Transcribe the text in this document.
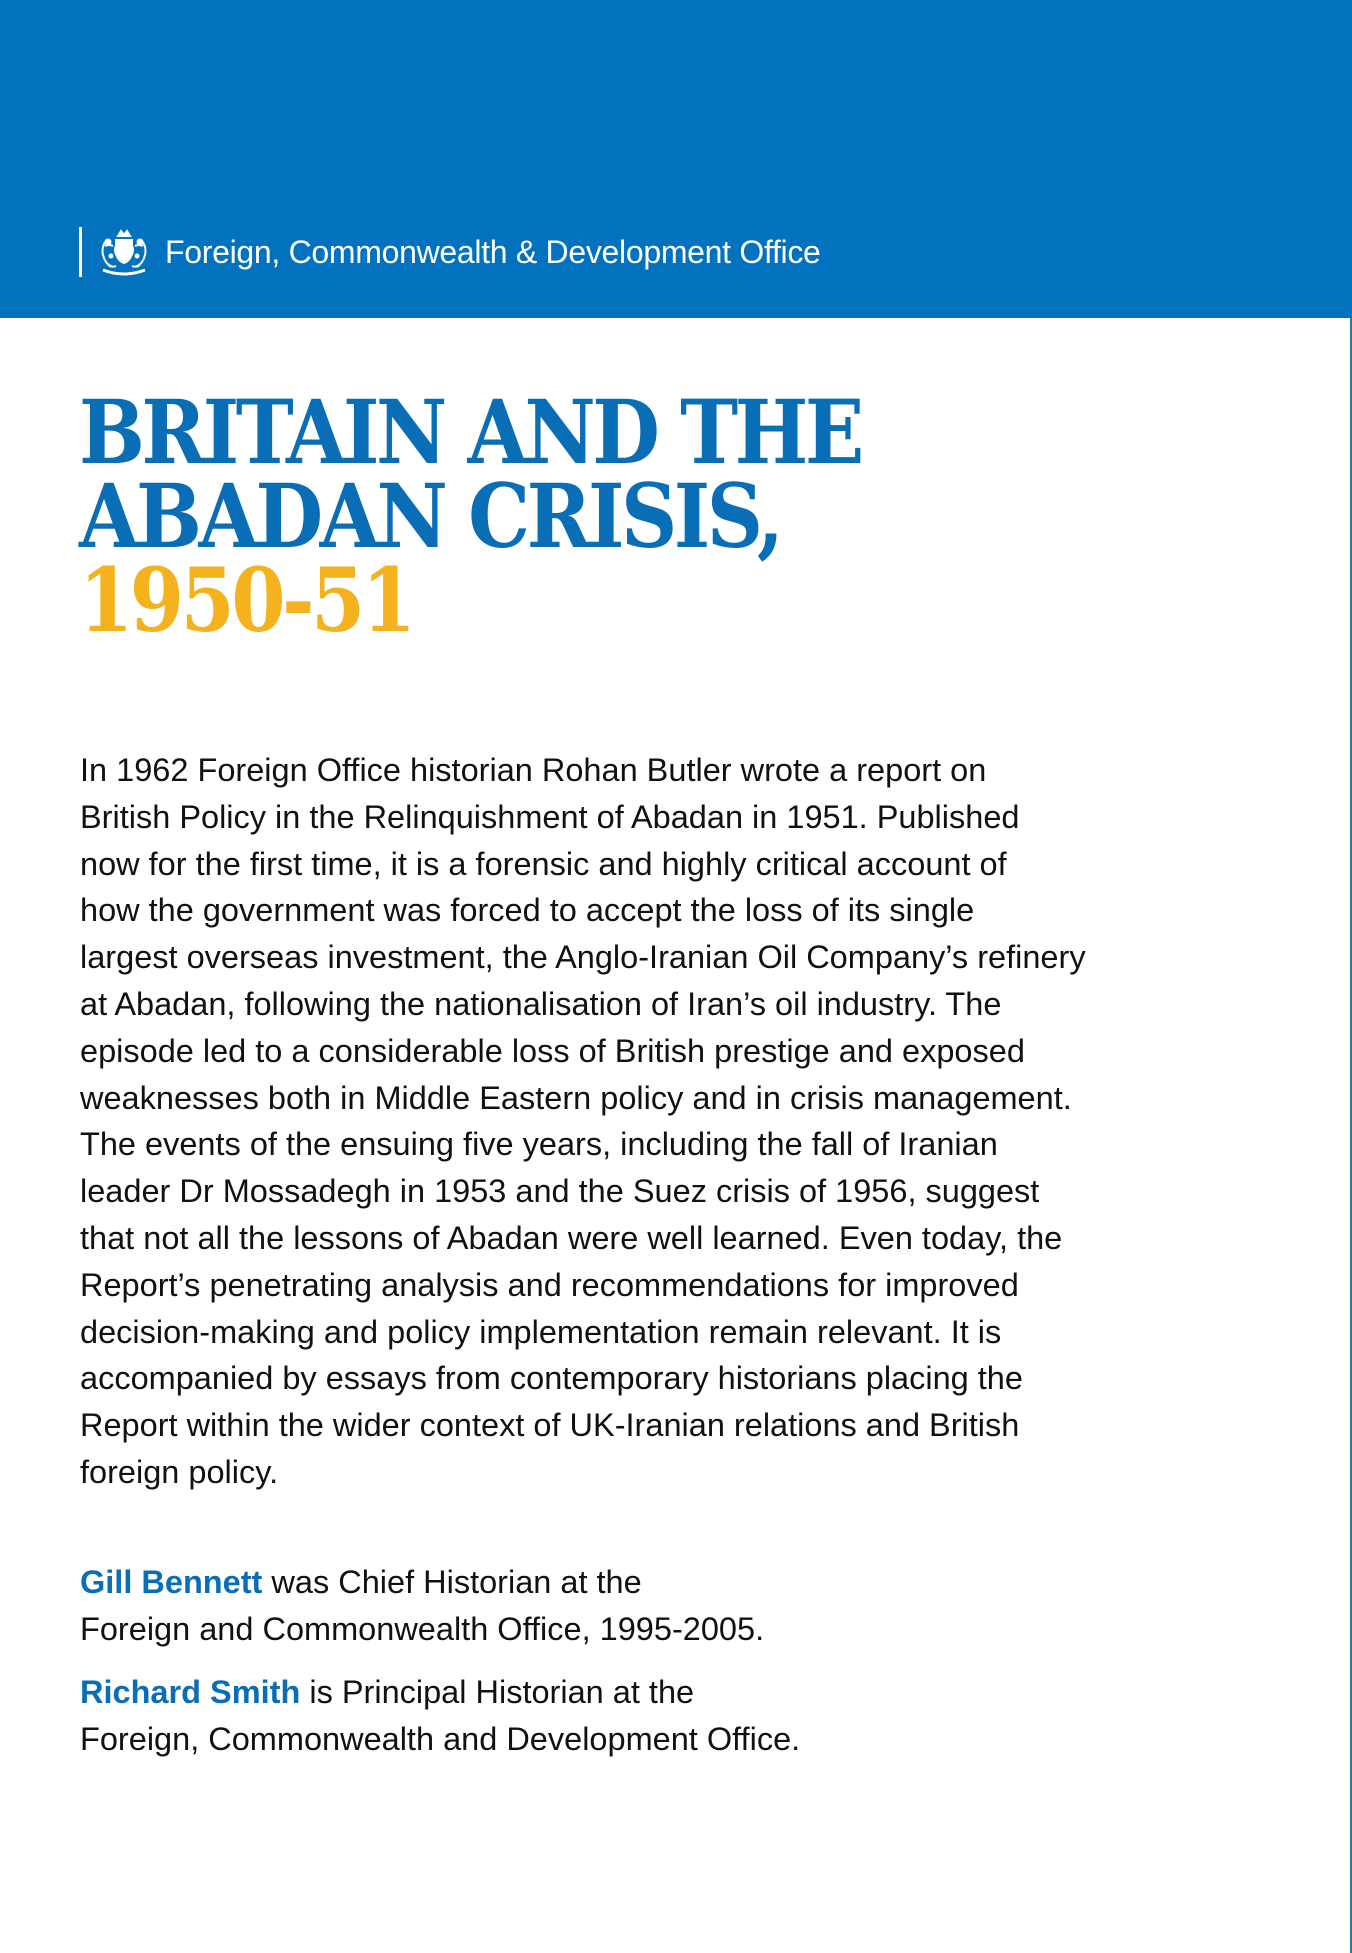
Foreign, Commonwealth & Development Office
BRITAIN AND THE
ABADAN CRISIS,
1950-51

In 1962 Foreign Office historian Rohan Butler wrote a report on
British Policy in the Relinquishment of Abadan in 1951. Published
now for the first time, it is a forensic and highly critical account of
how the government was forced to accept the loss of its single
largest overseas investment, the Anglo-Iranian Oil Company’s refinery
at Abadan, following the nationalisation of Iran’s oil industry. The
episode led to a considerable loss of British prestige and exposed
weaknesses both in Middle Eastern policy and in crisis management.
The events of the ensuing five years, including the fall of Iranian
leader Dr Mossadegh in 1953 and the Suez crisis of 1956, suggest
that not all the lessons of Abadan were well learned. Even today, the
Report’s penetrating analysis and recommendations for improved
decision-making and policy implementation remain relevant. It is
accompanied by essays from contemporary historians placing the
Report within the wider context of UK-Iranian relations and British
foreign policy.

Gill Bennett was Chief Historian at the
Foreign and Commonwealth Office, 1995-2005.

Richard Smith is Principal Historian at the
Foreign, Commonwealth and Development Office.
